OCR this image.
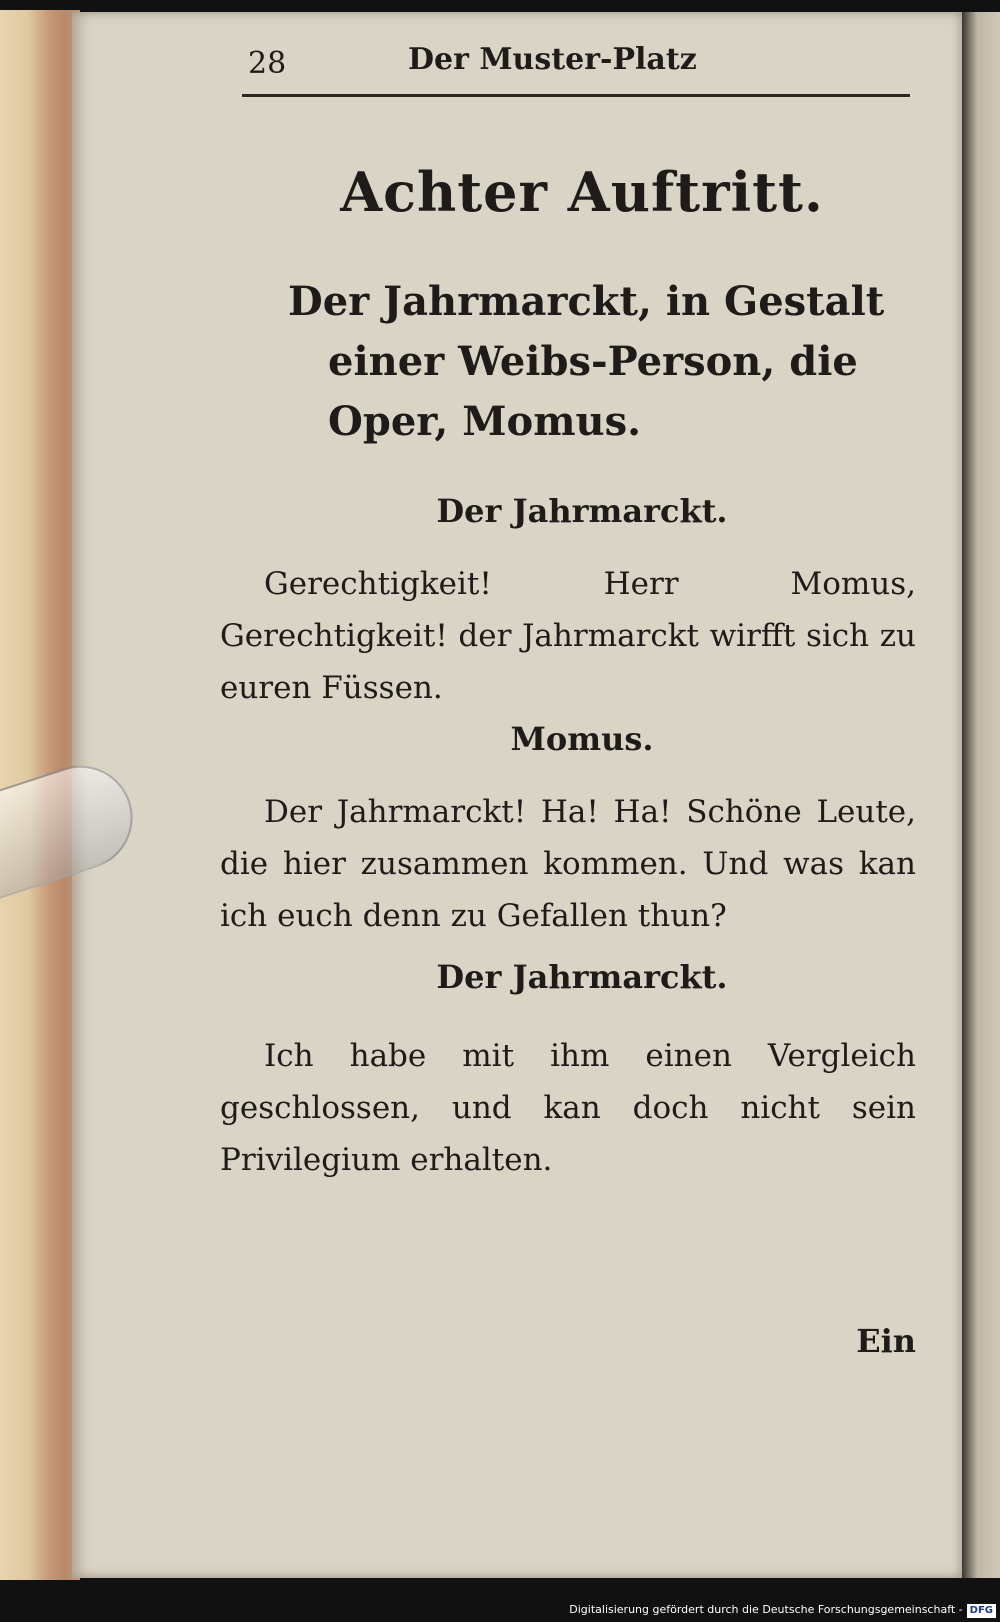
28	Der Muster-Platz
Achter Auftritt.
Der Jahrmarckt, in Gestalt einer Weibs-Person, die Oper, Momus.
Der Jahrmarckt.
Gerechtigkeit! Herr Momus, Gerechtigkeit! der Jahrmarckt wirfft sich zu euren Füssen.
Momus.
Der Jahrmarckt! Ha! Ha! Schöne Leute, die hier zusammen kommen. Und was kan ich euch denn zu Gefallen thun?
Der Jahrmarckt.
Ich habe mit ihm einen Vergleich geschlossen, und kan doch nicht sein Privilegium erhalten.
Ein
Digitalisierung gefördert durch die Deutsche Forschungsgemeinschaft - DFG
